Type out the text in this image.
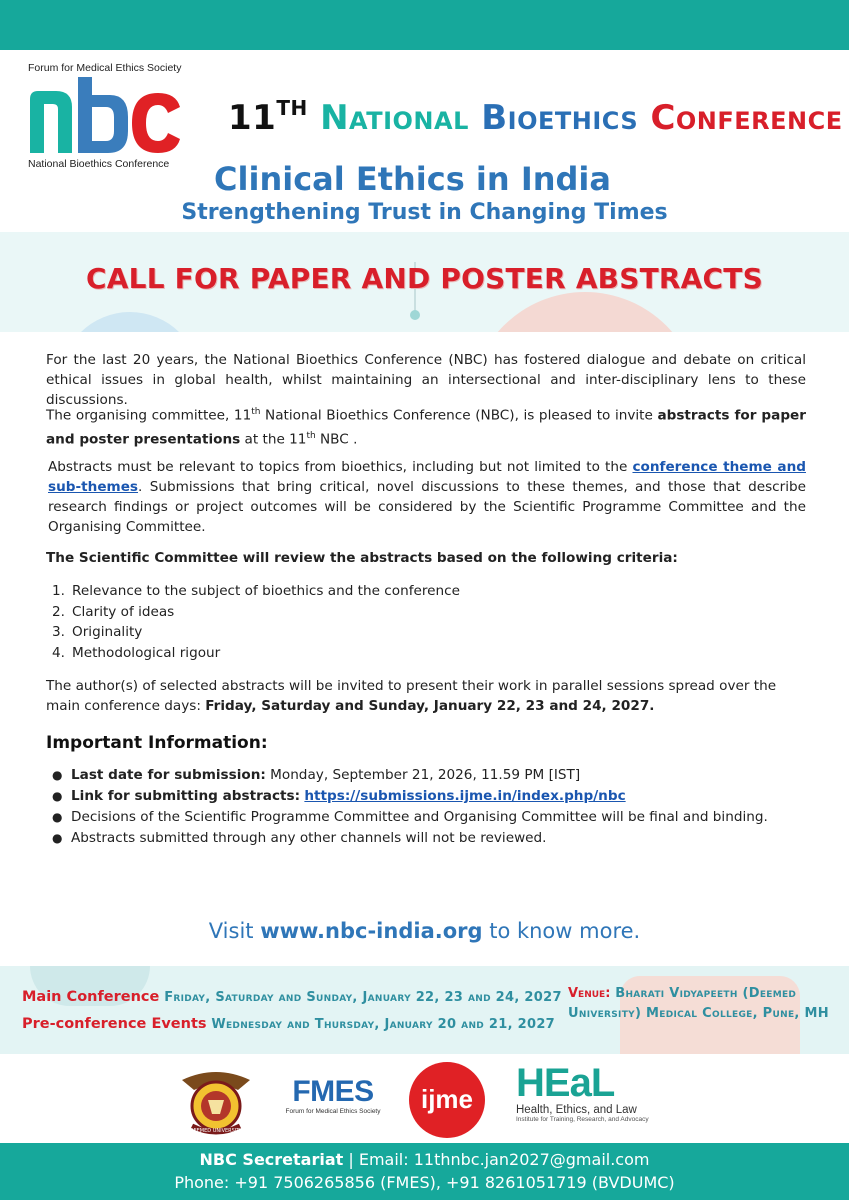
Forum for Medical Ethics Society
National Bioethics Conference
11TH National Bioethics Conference
Clinical Ethics in India
Strengthening Trust in Changing Times
CALL FOR PAPER AND POSTER ABSTRACTS
For the last 20 years, the National Bioethics Conference (NBC) has fostered dialogue and debate on critical ethical issues in global health, whilst maintaining an intersectional and inter-disciplinary lens to these discussions.
The organising committee, 11th National Bioethics Conference (NBC), is pleased to invite abstracts for paper and poster presentations at the 11th NBC .
Abstracts must be relevant to topics from bioethics, including but not limited to the conference theme and sub-themes. Submissions that bring critical, novel discussions to these themes, and those that describe research findings or project outcomes will be considered by the Scientific Programme Committee and the Organising Committee.
The Scientific Committee will review the abstracts based on the following criteria:
1. Relevance to the subject of bioethics and the conference
2. Clarity of ideas
3. Originality
4. Methodological rigour
The author(s) of selected abstracts will be invited to present their work in parallel sessions spread over the main conference days: Friday, Saturday and Sunday, January 22, 23 and 24, 2027.
Important Information:
● Last date for submission: Monday, September 21, 2026, 11.59 PM [IST]
● Link for submitting abstracts: https://submissions.ijme.in/index.php/nbc
● Decisions of the Scientific Programme Committee and Organising Committee will be final and binding.
● Abstracts submitted through any other channels will not be reviewed.
Visit www.nbc-india.org to know more.
Main Conference Friday, Saturday and Sunday, January 22, 23 and 24, 2027
Pre-conference Events Wednesday and Thursday, January 20 and 21, 2027
Venue: Bharati Vidyapeeth (Deemed University) Medical College, Pune, MH
DEEMED UNIVERSITY
FMES
Forum for Medical Ethics Society	ijme HEaL
Health, Ethics, and Law
Institute for Training, Research, and Advocacy
NBC Secretariat | Email: 11thnbc.jan2027@gmail.com
Phone: +91 7506265856 (FMES), +91 8261051719 (BVDUMC)
